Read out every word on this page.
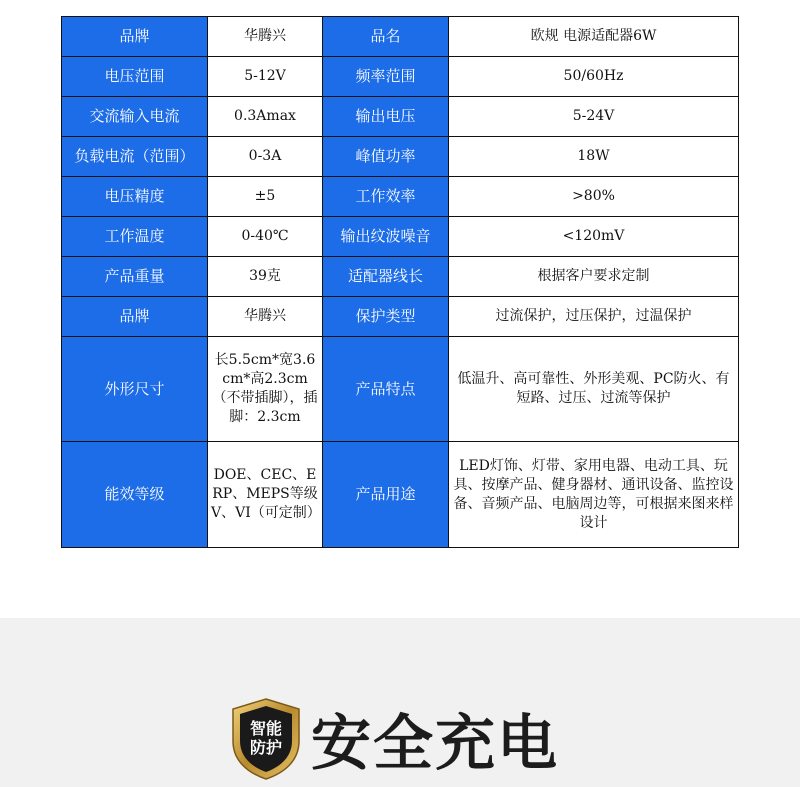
品牌	华腾兴	品名	欧规 电源适配器6W
电压范围	5-12V	频率范围	50/60Hz
交流输入电流	0.3Amax	输出电压	5-24V
负载电流（范围）	0-3A	峰值功率	18W
电压精度	±5	工作效率	>80%
工作温度	0-40℃	输出纹波噪音	<120mV
产品重量	39克	适配器线长	根据客户要求定制
品牌	华腾兴	保护类型	过流保护，过压保护，过温保护
外形尺寸	长5.5cm*宽3.6cm*高2.3cm（不带插脚），插脚：2.3cm	产品特点	低温升、高可靠性、外形美观、PC防火、有短路、过压、过流等保护
能效等级	DOE、CEC、ERP、MEPS等级V、VI（可定制）	产品用途	LED灯饰、灯带、家用电器、电动工具、玩具、按摩产品、健身器材、通讯设备、监控设备、音频产品、电脑周边等，可根据来图来样设计
智能
防护 安全充电
